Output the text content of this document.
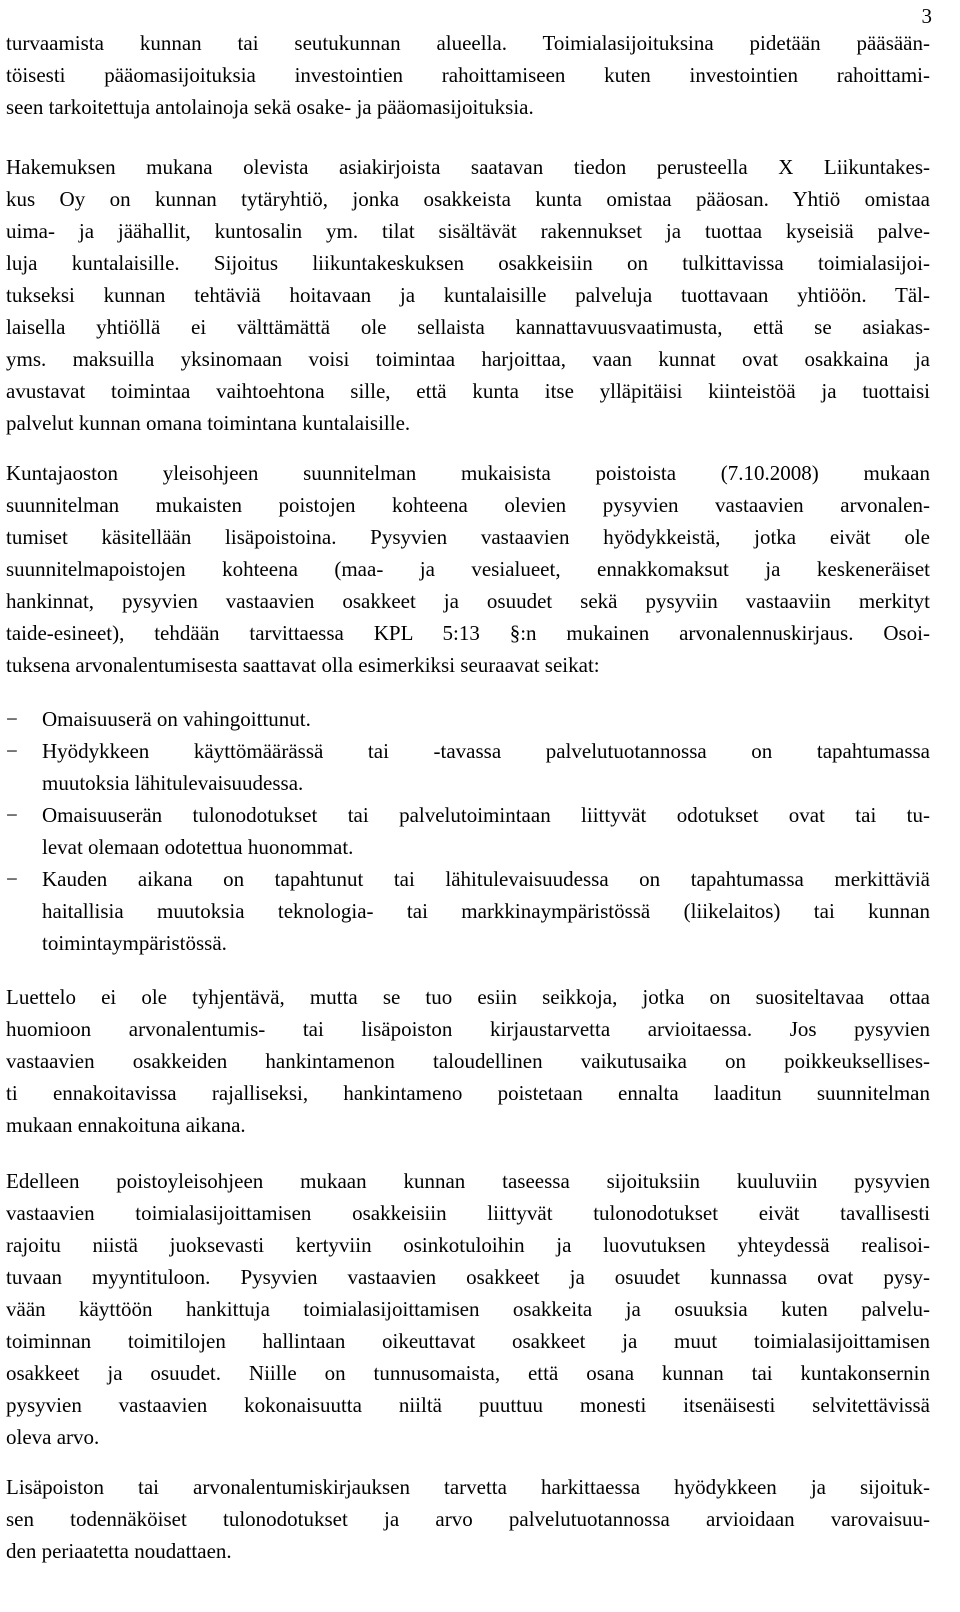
3
turvaamista kunnan tai seutukunnan alueella. Toimialasijoituksina pidetään pääsään-
töisesti pääomasijoituksia investointien rahoittamiseen kuten investointien rahoittami-
seen tarkoitettuja antolainoja sekä osake- ja pääomasijoituksia.
Hakemuksen mukana olevista asiakirjoista saatavan tiedon perusteella X Liikuntakes-
kus Oy on kunnan tytäryhtiö, jonka osakkeista kunta omistaa pääosan. Yhtiö omistaa
uima- ja jäähallit, kuntosalin ym. tilat sisältävät rakennukset ja tuottaa kyseisiä palve-
luja kuntalaisille. Sijoitus liikuntakeskuksen osakkeisiin on tulkittavissa toimialasijoi-
tukseksi kunnan tehtäviä hoitavaan ja kuntalaisille palveluja tuottavaan yhtiöön. Täl-
laisella yhtiöllä ei välttämättä ole sellaista kannattavuusvaatimusta, että se asiakas-
yms. maksuilla yksinomaan voisi toimintaa harjoittaa, vaan kunnat ovat osakkaina ja
avustavat toimintaa vaihtoehtona sille, että kunta itse ylläpitäisi kiinteistöä ja tuottaisi
palvelut kunnan omana toimintana kuntalaisille.
Kuntajaoston yleisohjeen suunnitelman mukaisista poistoista (7.10.2008) mukaan
suunnitelman mukaisten poistojen kohteena olevien pysyvien vastaavien arvonalen-
tumiset käsitellään lisäpoistoina. Pysyvien vastaavien hyödykkeistä, jotka eivät ole
suunnitelmapoistojen kohteena (maa- ja vesialueet, ennakkomaksut ja keskeneräiset
hankinnat, pysyvien vastaavien osakkeet ja osuudet sekä pysyviin vastaaviin merkityt
taide-esineet), tehdään tarvittaessa KPL 5:13 §:n mukainen arvonalennuskirjaus. Osoi-
tuksena arvonalentumisesta saattavat olla esimerkiksi seuraavat seikat:
− Omaisuuserä on vahingoittunut.
− Hyödykkeen käyttömäärässä tai -tavassa palvelutuotannossa on tapahtumassa
muutoksia lähitulevaisuudessa.
− Omaisuuserän tulonodotukset tai palvelutoimintaan liittyvät odotukset ovat tai tu-
levat olemaan odotettua huonommat.
− Kauden aikana on tapahtunut tai lähitulevaisuudessa on tapahtumassa merkittäviä
haitallisia muutoksia teknologia- tai markkinaympäristössä (liikelaitos) tai kunnan
toimintaympäristössä.
Luettelo ei ole tyhjentävä, mutta se tuo esiin seikkoja, jotka on suositeltavaa ottaa
huomioon arvonalentumis- tai lisäpoiston kirjaustarvetta arvioitaessa. Jos pysyvien
vastaavien osakkeiden hankintamenon taloudellinen vaikutusaika on poikkeuksellises-
ti ennakoitavissa rajalliseksi, hankintameno poistetaan ennalta laaditun suunnitelman
mukaan ennakoituna aikana.
Edelleen poistoyleisohjeen mukaan kunnan taseessa sijoituksiin kuuluviin pysyvien
vastaavien toimialasijoittamisen osakkeisiin liittyvät tulonodotukset eivät tavallisesti
rajoitu niistä juoksevasti kertyviin osinkotuloihin ja luovutuksen yhteydessä realisoi-
tuvaan myyntituloon. Pysyvien vastaavien osakkeet ja osuudet kunnassa ovat pysy-
vään käyttöön hankittuja toimialasijoittamisen osakkeita ja osuuksia kuten palvelu-
toiminnan toimitilojen hallintaan oikeuttavat osakkeet ja muut toimialasijoittamisen
osakkeet ja osuudet. Niille on tunnusomaista, että osana kunnan tai kuntakonsernin
pysyvien vastaavien kokonaisuutta niiltä puuttuu monesti itsenäisesti selvitettävissä
oleva arvo.
Lisäpoiston tai arvonalentumiskirjauksen tarvetta harkittaessa hyödykkeen ja sijoituk-
sen todennäköiset tulonodotukset ja arvo palvelutuotannossa arvioidaan varovaisuu-
den periaatetta noudattaen.
